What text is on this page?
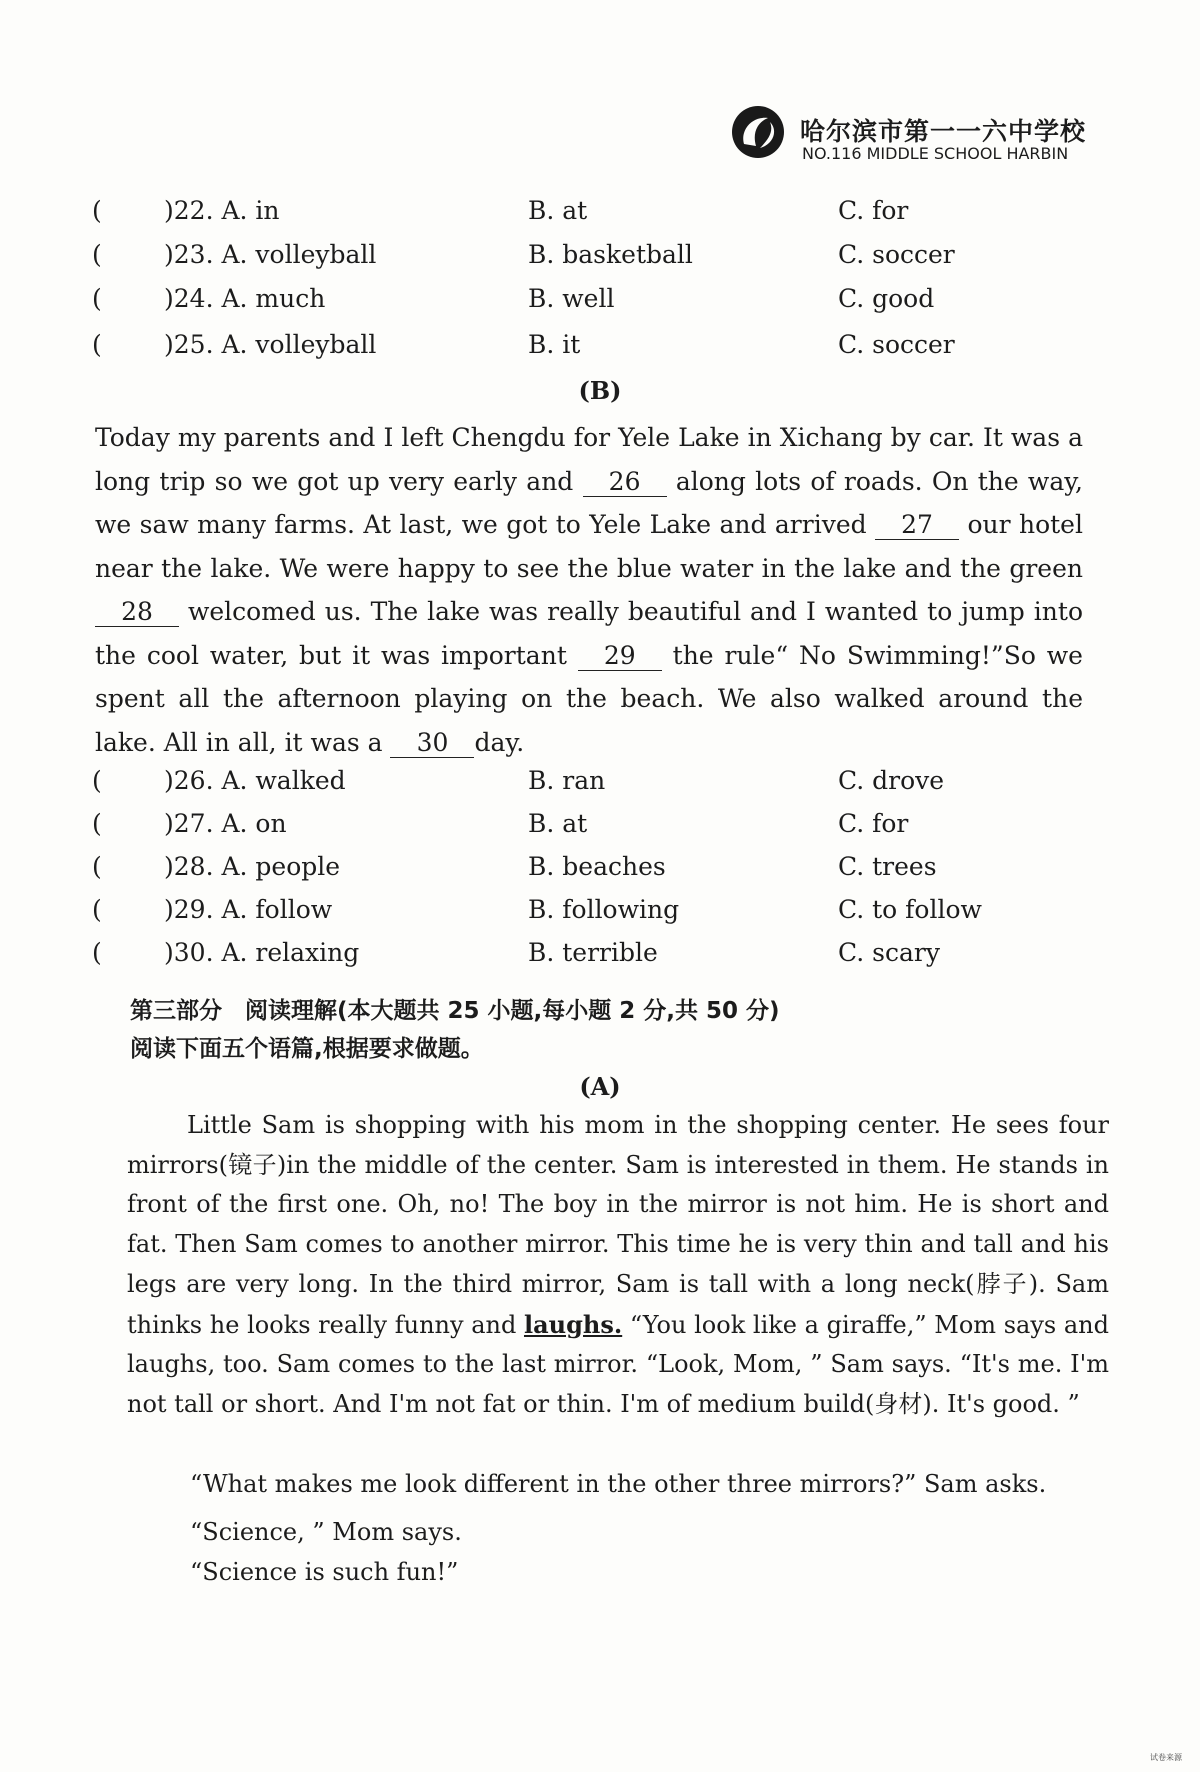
哈尔滨市第一一六中学校
NO.116 MIDDLE SCHOOL HARBIN
( )22. A. in	B. at	C. for
( )23. A. volleyball	B. basketball	C. soccer
( )24. A. much	B. well	C. good
( )25. A. volleyball	B. it	C. soccer
(B)
Today my parents and I left Chengdu for Yele Lake in Xichang by car. It was a long trip so we got up very early and 26 along lots of roads. On the way, we saw many farms. At last, we got to Yele Lake and arrived 27 our hotel near the lake. We were happy to see the blue water in the lake and the green 28 welcomed us. The lake was really beautiful and I wanted to jump into the cool water, but it was important 29 the rule“ No Swimming!”So we spent all the afternoon playing on the beach. We also walked around the lake. All in all, it was a 30 day.
( )26. A. walked	B. ran	C. drove
( )27. A. on	B. at	C. for
( )28. A. people	B. beaches	C. trees
( )29. A. follow	B. following	C. to follow
( )30. A. relaxing	B. terrible	C. scary
第三部分　阅读理解(本大题共 25 小题,每小题 2 分,共 50 分)
阅读下面五个语篇,根据要求做题。
(A)
Little Sam is shopping with his mom in the shopping center. He sees four mirrors(镜子)in the middle of the center. Sam is interested in them. He stands in front of the first one. Oh, no! The boy in the mirror is not him. He is short and fat. Then Sam comes to another mirror. This time he is very thin and tall and his legs are very long. In the third mirror, Sam is tall with a long neck(脖子). Sam thinks he looks really funny and laughs. “You look like a giraffe,” Mom says and laughs, too. Sam comes to the last mirror. “Look, Mom, ” Sam says. “It's me. I'm not tall or short. And I'm not fat or thin. I'm of medium build(身材). It's good. ”
“What makes me look different in the other three mirrors?” Sam asks.
“Science, ” Mom says.
“Science is such fun!”
试卷来源
